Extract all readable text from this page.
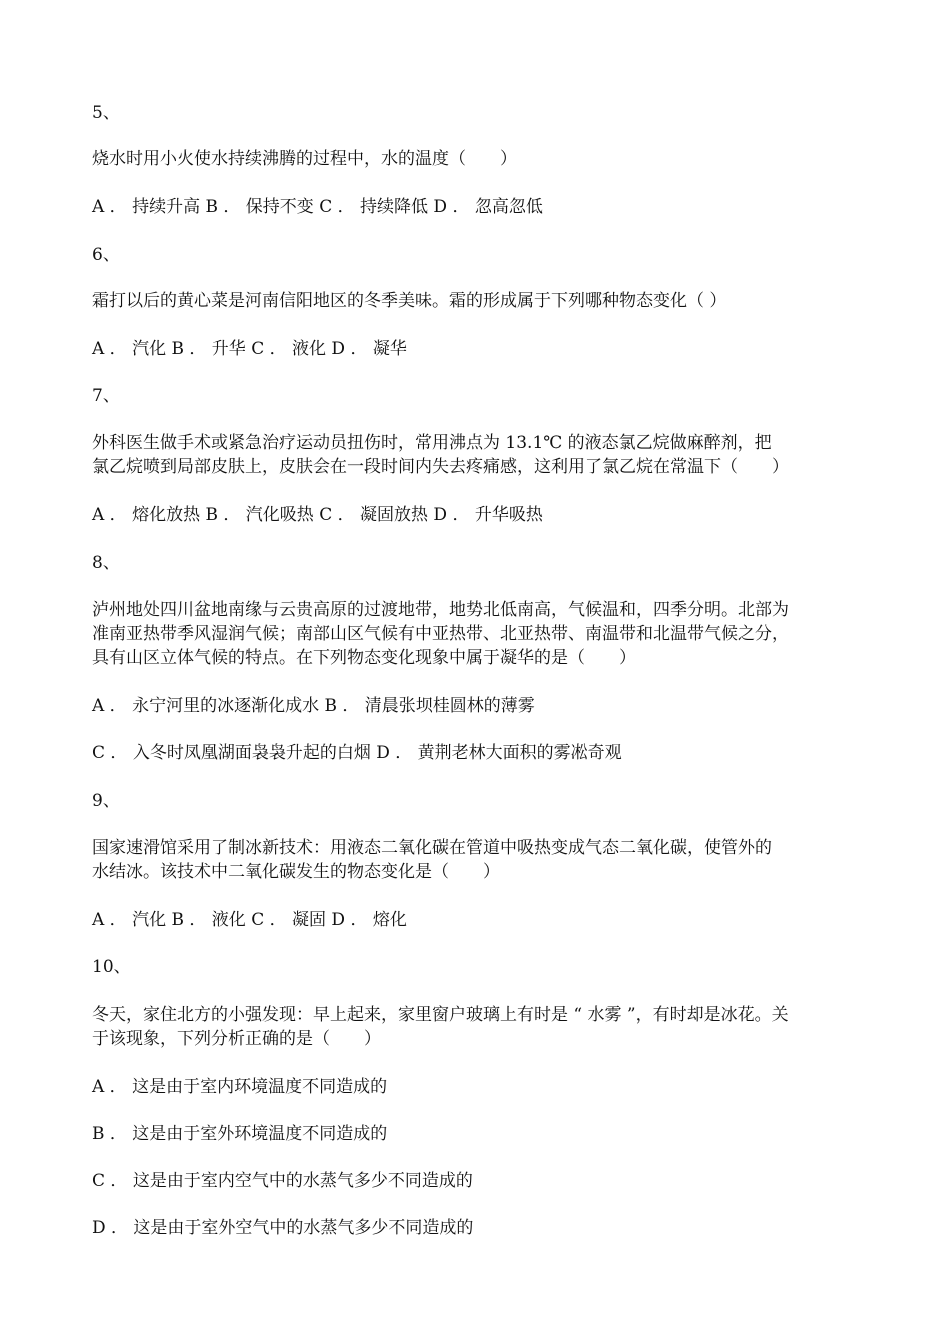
5、
烧水时用小火使水持续沸腾的过程中，水的温度（　　）
A ． 持续升高 B ． 保持不变 C ． 持续降低 D ． 忽高忽低
6、
霜打以后的黄心菜是河南信阳地区的冬季美味。霜的形成属于下列哪种物态变化（ ）
A ． 汽化 B ． 升华 C ． 液化 D ． 凝华
7、
外科医生做手术或紧急治疗运动员扭伤时，常用沸点为 13.1℃ 的液态氯乙烷做麻醉剂，把
氯乙烷喷到局部皮肤上，皮肤会在一段时间内失去疼痛感，这利用了氯乙烷在常温下（　　）
A ． 熔化放热 B ． 汽化吸热 C ． 凝固放热 D ． 升华吸热
8、
泸州地处四川盆地南缘与云贵高原的过渡地带，地势北低南高，气候温和，四季分明。北部为
准南亚热带季风湿润气候；南部山区气候有中亚热带、北亚热带、南温带和北温带气候之分，
具有山区立体气候的特点。在下列物态变化现象中属于凝华的是（　　）
A ． 永宁河里的冰逐渐化成水 B ． 清晨张坝桂圆林的薄雾
C ． 入冬时凤凰湖面袅袅升起的白烟 D ． 黄荆老林大面积的雾凇奇观
9、
国家速滑馆采用了制冰新技术：用液态二氧化碳在管道中吸热变成气态二氧化碳，使管外的
水结冰。该技术中二氧化碳发生的物态变化是（　　）
A ． 汽化 B ． 液化 C ． 凝固 D ． 熔化
10、
冬天，家住北方的小强发现：早上起来，家里窗户玻璃上有时是 “ 水雾 ”，有时却是冰花。关
于该现象，下列分析正确的是（　　）
A ． 这是由于室内环境温度不同造成的
B ． 这是由于室外环境温度不同造成的
C ． 这是由于室内空气中的水蒸气多少不同造成的
D ． 这是由于室外空气中的水蒸气多少不同造成的
